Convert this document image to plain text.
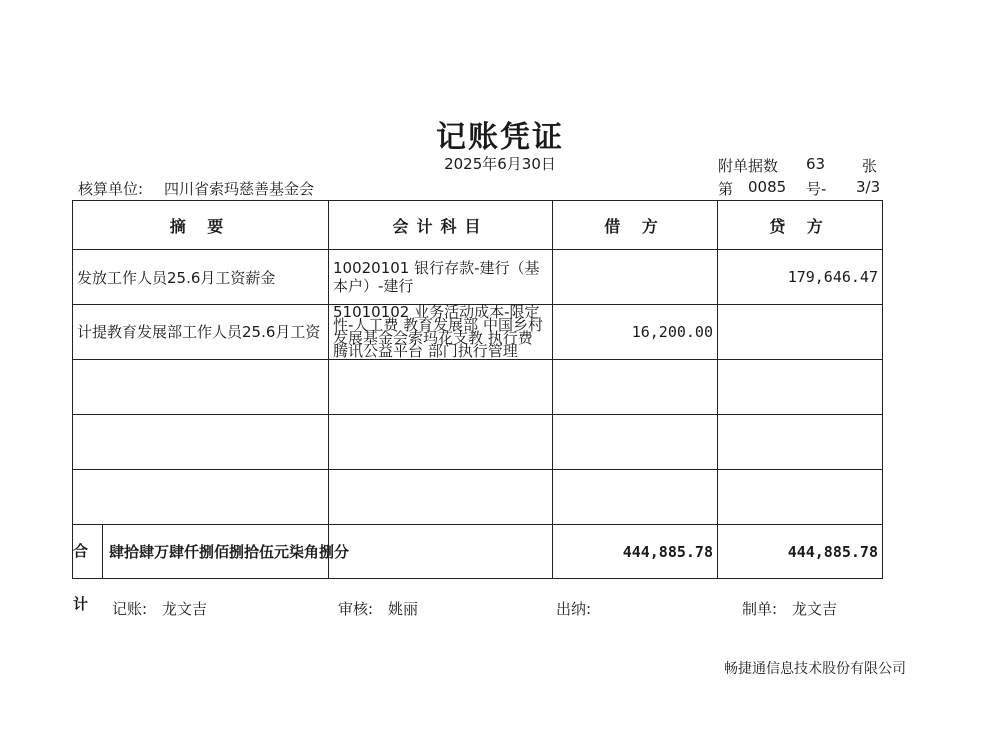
记账凭证
2025年6月30日	附单据数 63 张
核算单位: 四川省索玛慈善基金会	第 0085 号- 3/3
摘 要	会计科目	借 方	贷 方
发放工作人员25.6月工资薪金	10020101 银行存款-建行（基本户）-建行		179,646.47
计提教育发展部工作人员25.6月工资	51010102 业务活动成本-限定性-人工费 教育发展部 中国乡村发展基金会索玛花支教 执行费 腾讯公益平台 部门执行管理	16,200.00	

合计
肆拾肆万肆仟捌佰捌拾伍元柒角捌分		444,885.78	444,885.78
记账: 龙文吉	审核: 姚丽	出纳:	制单: 龙文吉
畅捷通信息技术股份有限公司
